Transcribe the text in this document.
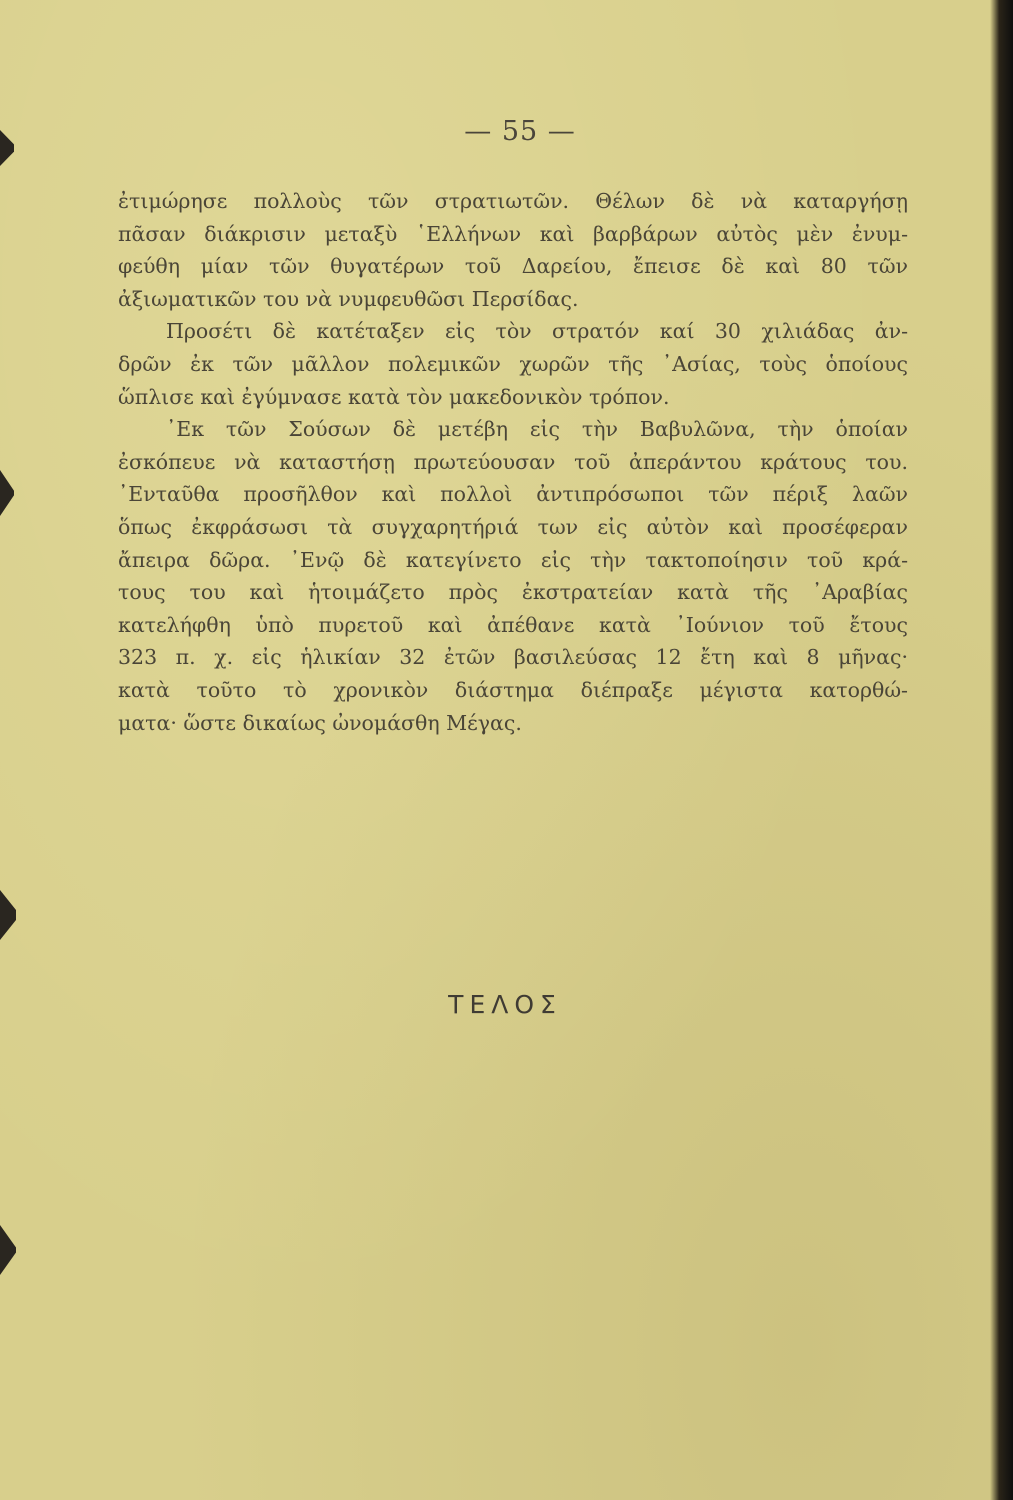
— 55 —
ἐτιμώρησε πολλοὺς τῶν στρατιωτῶν. Θέλων δὲ νὰ καταργήσῃ
πᾶσαν διάκρισιν μεταξὺ ῾Ελλήνων καὶ βαρβάρων αὐτὸς μὲν ἐνυμ-
φεύθη μίαν τῶν θυγατέρων τοῦ Δαρείου, ἔπεισε δὲ καὶ 80 τῶν
ἀξιωματικῶν του νὰ νυμφευθῶσι Περσίδας.
Προσέτι δὲ κατέταξεν εἰς τὸν στρατόν καί 30 χιλιάδας ἀν-
δρῶν ἐκ τῶν μᾶλλον πολεμικῶν χωρῶν τῆς ᾿Ασίας, τοὺς ὁποίους
ὥπλισε καὶ ἐγύμνασε κατὰ τὸν μακεδονικὸν τρόπον.
᾿Εκ τῶν Σούσων δὲ μετέβη εἰς τὴν Βαβυλῶνα, τὴν ὁποίαν
ἐσκόπευε νὰ καταστήσῃ πρωτεύουσαν τοῦ ἀπεράντου κράτους του.
᾿Ενταῦθα προσῆλθον καὶ πολλοὶ ἀντιπρόσωποι τῶν πέριξ λαῶν
ὅπως ἐκφράσωσι τὰ συγχαρητήριά των εἰς αὐτὸν καὶ προσέφεραν
ἄπειρα δῶρα. ᾿Ενῷ δὲ κατεγίνετο εἰς τὴν τακτοποίησιν τοῦ κρά-
τους του καὶ ἡτοιμάζετο πρὸς ἐκστρατείαν κατὰ τῆς ᾿Αραβίας
κατελήφθη ὑπὸ πυρετοῦ καὶ ἀπέθανε κατὰ ᾿Ιούνιον τοῦ ἔτους
323 π. χ. εἰς ἡλικίαν 32 ἐτῶν βασιλεύσας 12 ἔτη καὶ 8 μῆνας·
κατὰ τοῦτο τὸ χρονικὸν διάστημα διέπραξε μέγιστα κατορθώ-
ματα· ὥστε δικαίως ὠνομάσθη Μέγας.
ΤΕΛΟΣ
